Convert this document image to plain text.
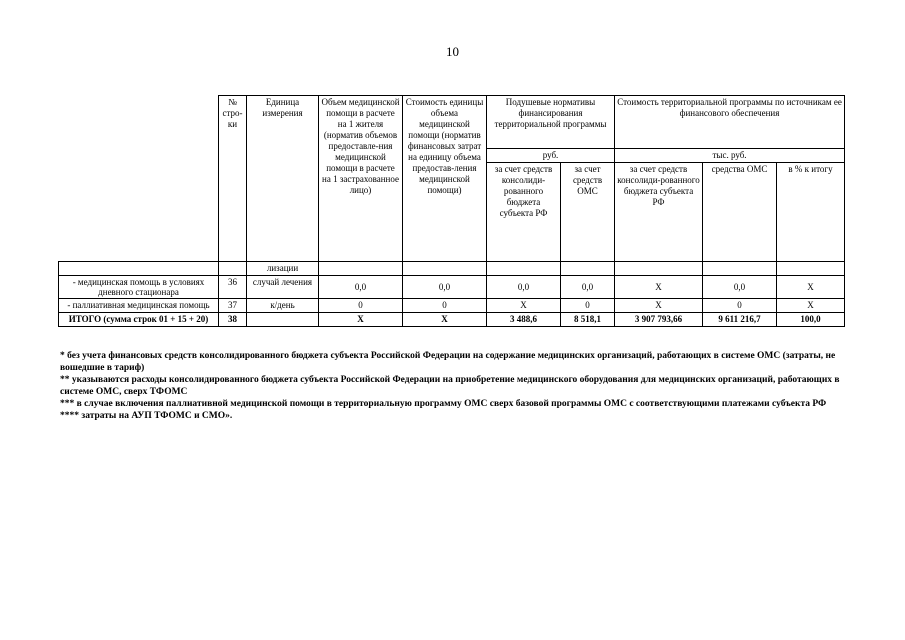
10
	№ стро-ки	Единица измерения	Объем медицинской помощи в расчете на 1 жителя (норматив объемов предоставле-ния медицинской помощи в расчете на 1 застрахованное лицо)	Стоимость единицы объема медицинской помощи (норматив финансовых затрат на единицу объема предостав-ления медицинской помощи)	Подушевые нормативы финансирования территориальной программы		Стоимость территориальной программы по источникам ее финансового обеспечения		
					руб.		тыс. руб.		
					за счет средств консолиди-рованного бюджета субъекта РФ	за счет средств ОМС	за счет средств консолиди-рованного бюджета субъекта РФ	средства ОМС	в % к итогу
		лизации							
- медицинская помощь в условиях дневного стационара	36	случай лечения	0,0	0,0	0,0	0,0	Х	0,0	Х
- паллиативная медицинская помощь	37	к/день	0	0	Х	0	Х	0	Х
ИТОГО (сумма строк 01 + 15 + 20)	38		Х	Х	3 488,6	8 518,1	3 907 793,66	9 611 216,7	100,0

* без учета финансовых средств консолидированного бюджета субъекта Российской Федерации на содержание медицинских организаций, работающих в системе ОМС (затраты, не вошедшие в тариф)

** указываются расходы консолидированного бюджета субъекта Российской Федерации на приобретение медицинского оборудования для медицинских организаций, работающих в системе ОМС, сверх ТФОМС

*** в случае включения паллиативной медицинской помощи в территориальную программу ОМС сверх базовой программы ОМС с соответствующими платежами субъекта РФ

**** затраты на АУП ТФОМС и СМО».
